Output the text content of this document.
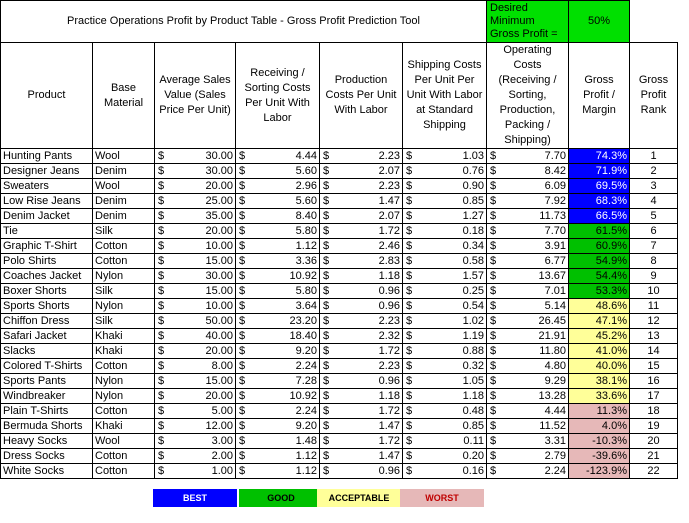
Practice Operations Profit by Product Table - Gross Profit Prediction Tool						Desired Minimum Gross Profit =	50%	
Product	Base Material	Average Sales Value (Sales Price Per Unit)	Receiving / Sorting Costs Per Unit With Labor	Production Costs Per Unit With Labor	Shipping Costs Per Unit Per Unit With Labor at Standard Shipping	Operating Costs (Receiving / Sorting, Production, Packing / Shipping)	Gross Profit / Margin	Gross Profit Rank
Hunting Pants	Wool	$ 30.00	$ 4.44	$ 2.23	$ 1.03	$ 7.70	74.3%	1
Designer Jeans	Denim	$ 30.00	$ 5.60	$ 2.07	$ 0.76	$ 8.42	71.9%	2
Sweaters	Wool	$ 20.00	$ 2.96	$ 2.23	$ 0.90	$ 6.09	69.5%	3
Low Rise Jeans	Denim	$ 25.00	$ 5.60	$ 1.47	$ 0.85	$ 7.92	68.3%	4
Denim Jacket	Denim	$ 35.00	$ 8.40	$ 2.07	$ 1.27	$ 11.73	66.5%	5
Tie	Silk	$ 20.00	$ 5.80	$ 1.72	$ 0.18	$ 7.70	61.5%	6
Graphic T-Shirt	Cotton	$ 10.00	$ 1.12	$ 2.46	$ 0.34	$ 3.91	60.9%	7
Polo Shirts	Cotton	$ 15.00	$ 3.36	$ 2.83	$ 0.58	$ 6.77	54.9%	8
Coaches Jacket	Nylon	$ 30.00	$ 10.92	$ 1.18	$ 1.57	$ 13.67	54.4%	9
Boxer Shorts	Silk	$ 15.00	$ 5.80	$ 0.96	$ 0.25	$ 7.01	53.3%	10
Sports Shorts	Nylon	$ 10.00	$ 3.64	$ 0.96	$ 0.54	$ 5.14	48.6%	11
Chiffon Dress	Silk	$ 50.00	$ 23.20	$ 2.23	$ 1.02	$ 26.45	47.1%	12
Safari Jacket	Khaki	$ 40.00	$ 18.40	$ 2.32	$ 1.19	$ 21.91	45.2%	13
Slacks	Khaki	$ 20.00	$ 9.20	$ 1.72	$ 0.88	$ 11.80	41.0%	14
Colored T-Shirts	Cotton	$ 8.00	$ 2.24	$ 2.23	$ 0.32	$ 4.80	40.0%	15
Sports Pants	Nylon	$ 15.00	$ 7.28	$ 0.96	$ 1.05	$ 9.29	38.1%	16
Windbreaker	Nylon	$ 20.00	$ 10.92	$ 1.18	$ 1.18	$ 13.28	33.6%	17
Plain T-Shirts	Cotton	$ 5.00	$ 2.24	$ 1.72	$ 0.48	$ 4.44	11.3%	18
Bermuda Shorts	Khaki	$ 12.00	$ 9.20	$ 1.47	$ 0.85	$ 11.52	4.0%	19
Heavy Socks	Wool	$ 3.00	$ 1.48	$ 1.72	$ 0.11	$ 3.31	-10.3%	20
Dress Socks	Cotton	$ 2.00	$ 1.12	$ 1.47	$ 0.20	$ 2.79	-39.6%	21
White Socks	Cotton	$ 1.00	$ 1.12	$ 0.96	$ 0.16	$ 2.24	-123.9%	22
BEST	GOOD	ACCEPTABLE	WORST
